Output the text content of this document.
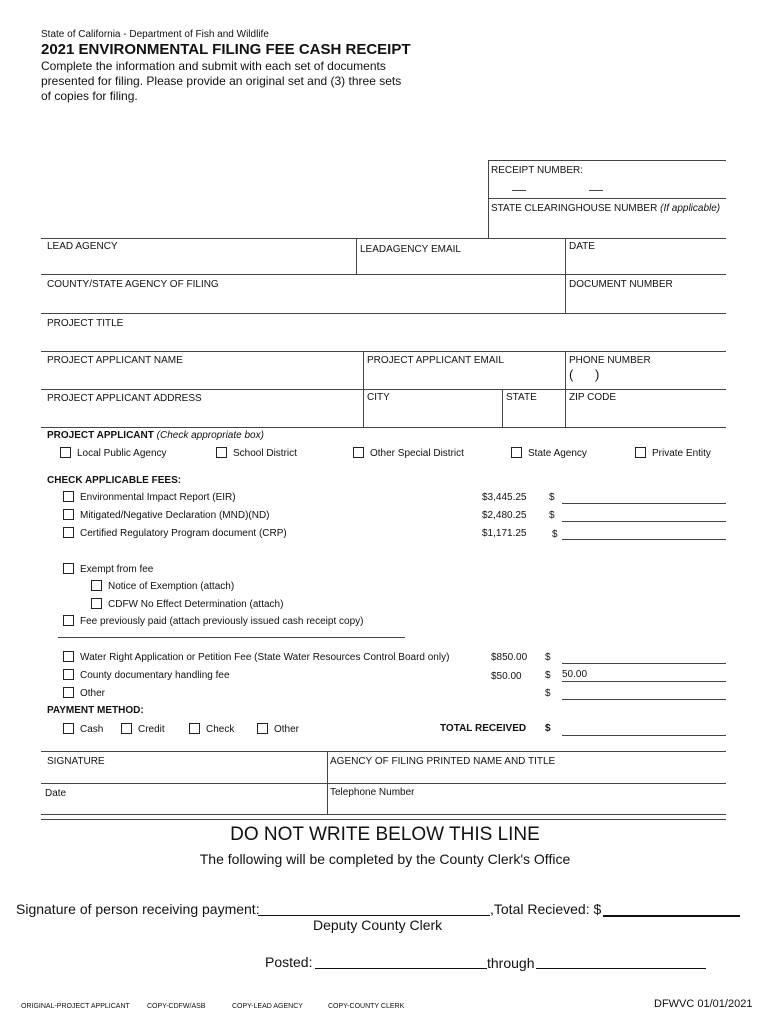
State of California - Department of Fish and Wildlife
2021 ENVIRONMENTAL FILING FEE CASH RECEIPT
Complete the information and submit with each set of documents
presented for filing. Please provide an original set and (3) three sets
of copies for filing.
RECEIPT NUMBER:
STATE CLEARINGHOUSE NUMBER (If applicable)
LEAD AGENCY	LEADAGENCY EMAIL	DATE
COUNTY/STATE AGENCY OF FILING	DOCUMENT NUMBER
PROJECT TITLE
PROJECT APPLICANT NAME	PROJECT APPLICANT EMAIL	PHONE NUMBER
(      )
PROJECT APPLICANT ADDRESS	CITY	STATE	ZIP CODE
PROJECT APPLICANT (Check appropriate box)
Local Public Agency	School District	Other Special District	State Agency	Private Entity
CHECK APPLICABLE FEES:
Environmental Impact Report (EIR)	$3,445.25 $
Mitigated/Negative Declaration (MND)(ND)	$2,480.25 $
Certified Regulatory Program document (CRP)	$1,171.25	$
Exempt from fee
Notice of Exemption (attach)
CDFW No Effect Determination (attach)
Fee previously paid (attach previously issued cash receipt copy)
Water Right Application or Petition Fee (State Water Resources Control Board only)	$850.00 $
County documentary handling fee	$50.00 $ 50.00
Other	$
PAYMENT METHOD:
Cash	Credit	Check	Other	TOTAL RECEIVED $
SIGNATURE	AGENCY OF FILING PRINTED NAME AND TITLE
Date	Telephone Number
DO NOT WRITE BELOW THIS LINE
The following will be completed by the County Clerk's Office
Signature of person receiving payment:	,Total Recieved: $
Deputy County Clerk
Posted:	through
ORIGINAL-PROJECT APPLICANT COPY-CDFW/ASB	COPY-LEAD AGENCY	COPY-COUNTY CLERK	DFWVC 01/01/2021
